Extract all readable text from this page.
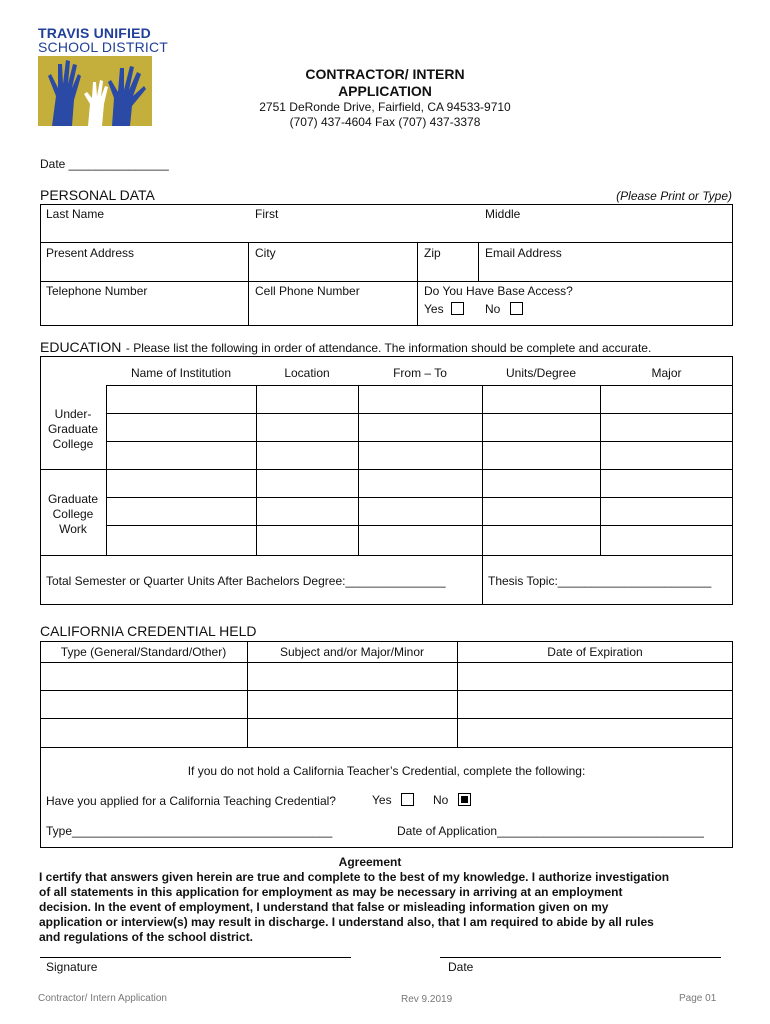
TRAVIS UNIFIED
SCHOOL DISTRICT
CONTRACTOR/ INTERN
APPLICATION
2751 DeRonde Drive, Fairfield, CA 94533-9710
(707) 437-4604 Fax (707) 437-3378
Date _______________
PERSONAL DATA	(Please Print or Type)
Last Name	First	Middle
Present Address	City	Zip	Email Address
Telephone Number	Cell Phone Number	Do You Have Base Access?
Yes	No
EDUCATION - Please list the following in order of attendance. The information should be complete and accurate.
Name of Institution	Location	From – To	Units/Degree	Major
Under-
Graduate
College
Graduate
College
Work
Total Semester or Quarter Units After Bachelors Degree:_______________	Thesis Topic:_______________________
CALIFORNIA CREDENTIAL HELD
Type (General/Standard/Other)	Subject and/or Major/Minor	Date of Expiration
If you do not hold a California Teacher’s Credential, complete the following:
Have you applied for a California Teaching Credential?	Yes	No
Type_______________________________________	Date of Application_______________________________
Agreement
I certify that answers given herein are true and complete to the best of my knowledge. I authorize investigation
of all statements in this application for employment as may be necessary in arriving at an employment
decision. In the event of employment, I understand that false or misleading information given on my
application or interview(s) may result in discharge. I understand also, that I am required to abide by all rules
and regulations of the school district.
Signature	Date
Contractor/ Intern Application	Rev 9.2019	Page 01
